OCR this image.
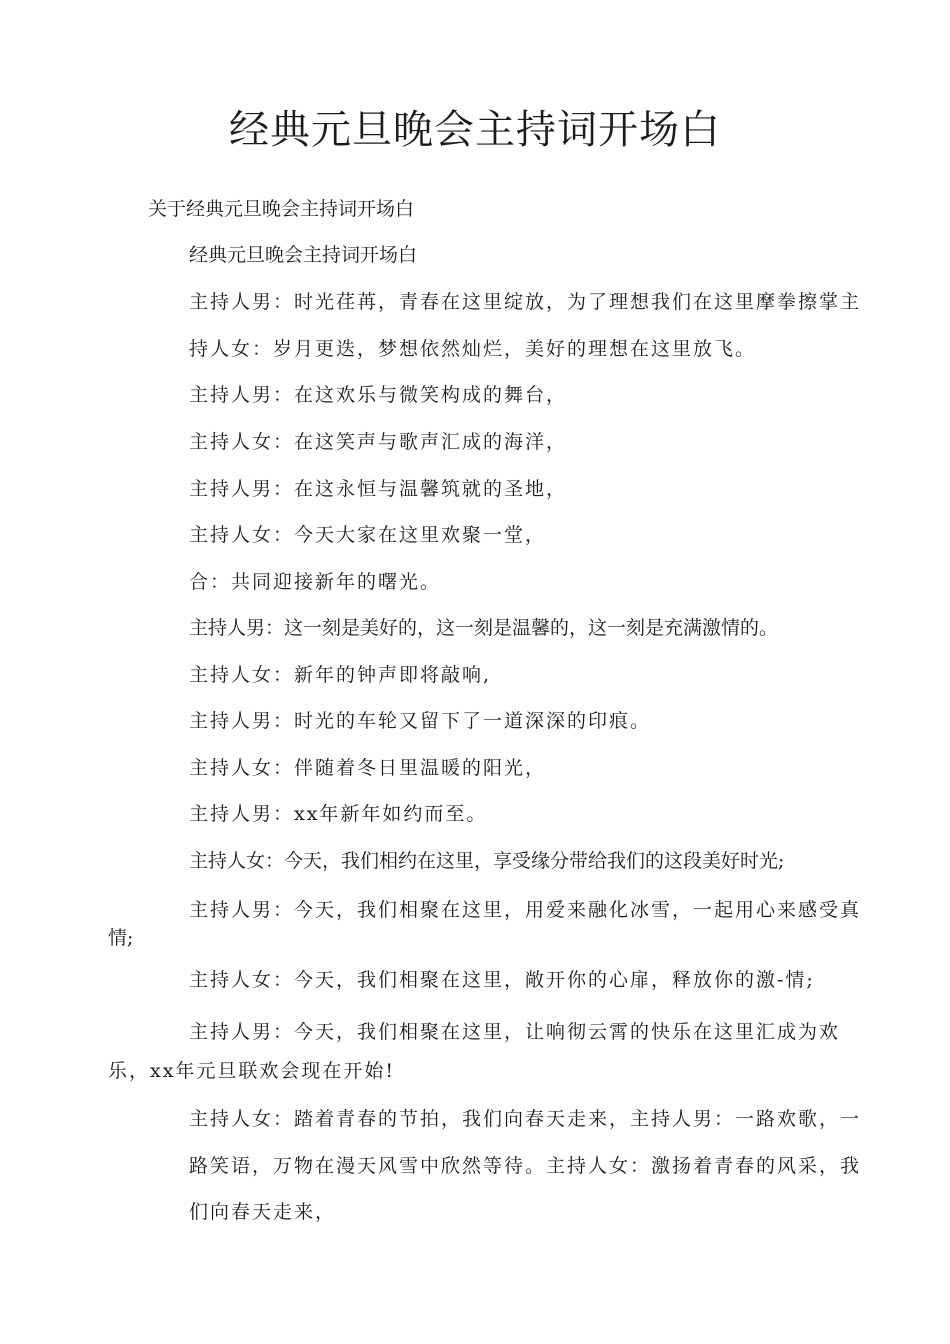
经典元旦晚会主持词开场白
关于经典元旦晚会主持词开场白
经典元旦晚会主持词开场白
主持人男：时光荏苒，青春在这里绽放，为了理想我们在这里摩拳擦掌主
持人女：岁月更迭，梦想依然灿烂，美好的理想在这里放飞。
主持人男：在这欢乐与微笑构成的舞台，
主持人女：在这笑声与歌声汇成的海洋，
主持人男：在这永恒与温馨筑就的圣地，
主持人女：今天大家在这里欢聚一堂，
合：共同迎接新年的曙光。
主持人男：这一刻是美好的，这一刻是温馨的，这一刻是充满激情的。
主持人女：新年的钟声即将敲响,
主持人男：时光的车轮又留下了一道深深的印痕。
主持人女：伴随着冬日里温暖的阳光，
主持人男：xx年新年如约而至。
主持人女：今天，我们相约在这里，享受缘分带给我们的这段美好时光;
主持人男：今天，我们相聚在这里，用爱来融化冰雪，一起用心来感受真
情;
主持人女：今天，我们相聚在这里，敞开你的心扉，释放你的激-情;
主持人男：今天，我们相聚在这里，让响彻云霄的快乐在这里汇成为欢
乐，xx年元旦联欢会现在开始!
主持人女：踏着青春的节拍，我们向春天走来，主持人男：一路欢歌，一
路笑语，万物在漫天风雪中欣然等待。主持人女：激扬着青春的风采，我
们向春天走来，
